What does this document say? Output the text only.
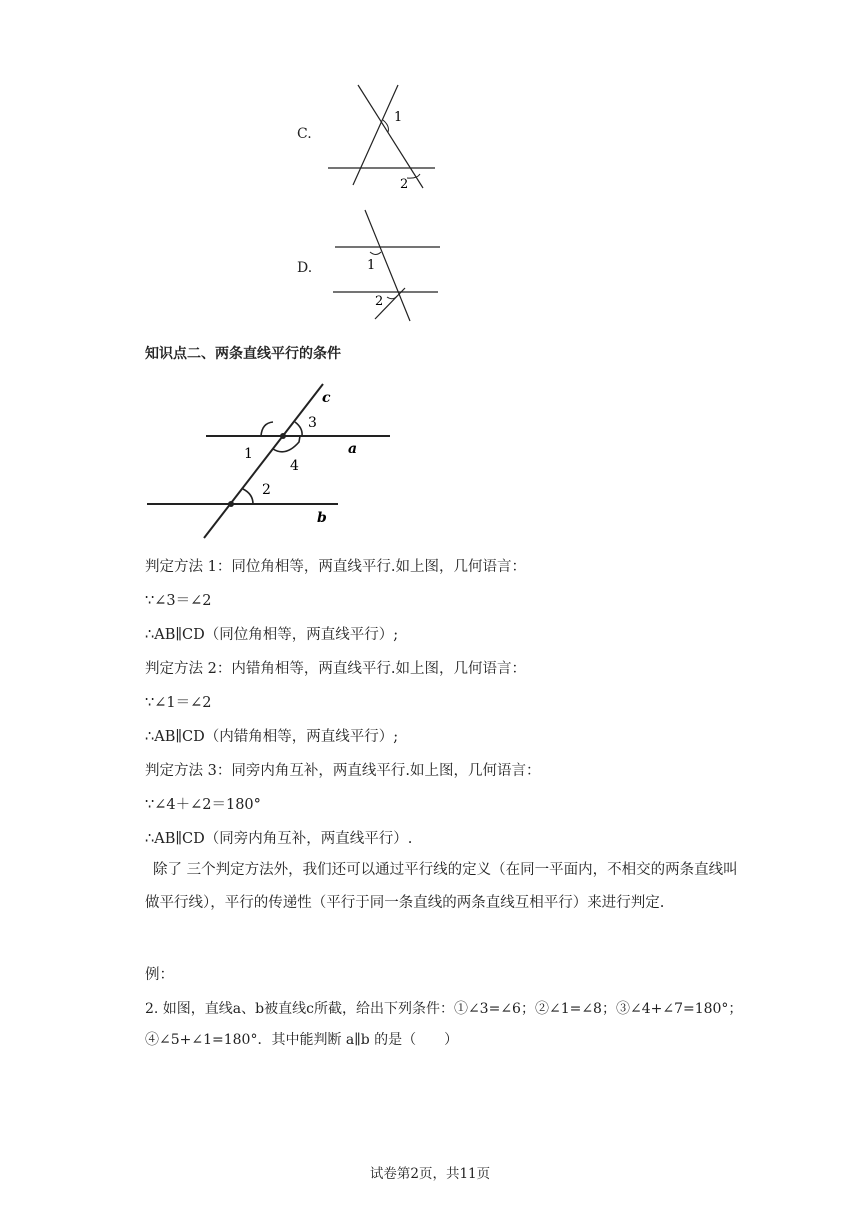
C.
1
2
D.	1
2
知识点二、两条直线平行的条件
c
3
a
1
4
2
b
判定方法 1：同位角相等，两直线平行.如上图，几何语言：
∵∠3＝∠2
∴AB∥CD（同位角相等，两直线平行）;
判定方法 2：内错角相等，两直线平行.如上图，几何语言：
∵∠1＝∠2
∴AB∥CD（内错角相等，两直线平行）;
判定方法 3：同旁内角互补，两直线平行.如上图，几何语言：
∵∠4＋∠2＝180°
∴AB∥CD（同旁内角互补，两直线平行）.
除了 三个判定方法外，我们还可以通过平行线的定义（在同一平面内，不相交的两条直线叫做平行线），平行的传递性（平行于同一条直线的两条直线互相平行）来进行判定.
例：
2. 如图，直线a、b被直线c所截，给出下列条件：①∠3=∠6；②∠1=∠8；③∠4+∠7=180°；
④∠5+∠1=180°．其中能判断 a∥b 的是（　　）
试卷第2页，共11页
